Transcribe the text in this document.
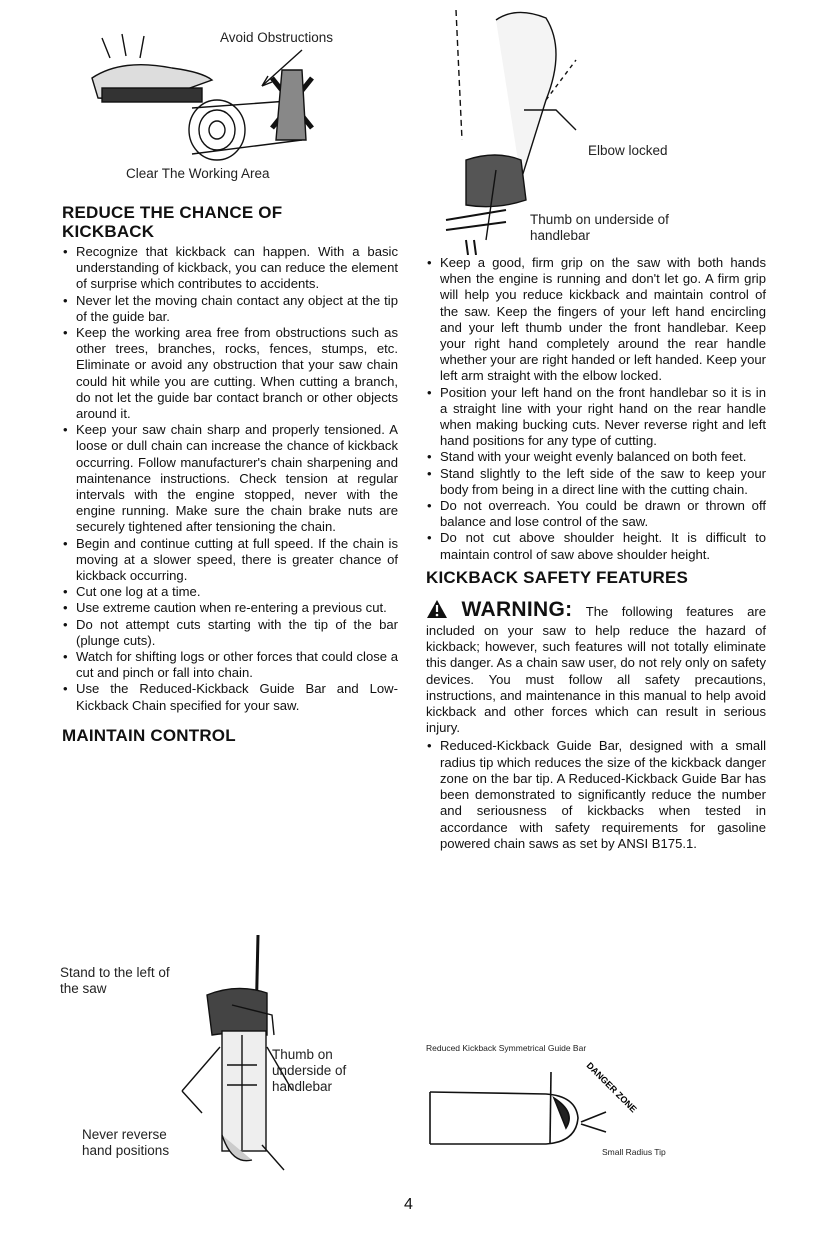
Avoid Obstructions
Clear The Working Area
REDUCE THE CHANCE OF KICKBACK
• Recognize that kickback can happen. With a basic understanding of kickback, you can reduce the element of surprise which contributes to accidents.
• Never let the moving chain contact any object at the tip of the guide bar.
• Keep the working area free from obstructions such as other trees, branches, rocks, fences, stumps, etc. Eliminate or avoid any obstruction that your saw chain could hit while you are cutting. When cutting a branch, do not let the guide bar contact branch or other objects around it.
• Keep your saw chain sharp and properly tensioned. A loose or dull chain can increase the chance of kickback occurring. Follow manufacturer's chain sharpening and maintenance instructions. Check tension at regular intervals with the engine stopped, never with the engine running. Make sure the chain brake nuts are securely tightened after tensioning the chain.
• Begin and continue cutting at full speed. If the chain is moving at a slower speed, there is greater chance of kickback occurring.
• Cut one log at a time.
• Use extreme caution when re-entering a previous cut.
• Do not attempt cuts starting with the tip of the bar (plunge cuts).
• Watch for shifting logs or other forces that could close a cut and pinch or fall into chain.
• Use the Reduced-Kickback Guide Bar and Low-Kickback Chain specified for your saw.
MAINTAIN CONTROL
Stand to the left of the saw
Thumb on underside of handlebar
Never reverse hand positions
Elbow locked
Thumb on underside of handlebar
• Keep a good, firm grip on the saw with both hands when the engine is running and don't let go. A firm grip will help you reduce kickback and maintain control of the saw. Keep the fingers of your left hand encircling and your left thumb under the front handlebar. Keep your right hand completely around the rear handle whether your are right handed or left handed. Keep your left arm straight with the elbow locked.
• Position your left hand on the front handlebar so it is in a straight line with your right hand on the rear handle when making bucking cuts. Never reverse right and left hand positions for any type of cutting.
• Stand with your weight evenly balanced on both feet.
• Stand slightly to the left side of the saw to keep your body from being in a direct line with the cutting chain.
• Do not overreach. You could be drawn or thrown off balance and lose control of the saw.
• Do not cut above shoulder height. It is difficult to maintain control of saw above shoulder height.
KICKBACK SAFETY FEATURES

WARNING: The following features are included on your saw to help reduce the hazard of kickback; however, such features will not totally eliminate this danger. As a chain saw user, do not rely only on safety devices. You must follow all safety precautions, instructions, and maintenance in this manual to help avoid kickback and other forces which can result in serious injury.

• Reduced-Kickback Guide Bar, designed with a small radius tip which reduces the size of the kickback danger zone on the bar tip. A Reduced-Kickback Guide Bar has been demonstrated to significantly reduce the number and seriousness of kickbacks when tested in accordance with safety requirements for gasoline powered chain saws as set by ANSI B175.1.
Reduced Kickback Symmetrical Guide Bar
DANGER ZONE
Small Radius Tip
4
